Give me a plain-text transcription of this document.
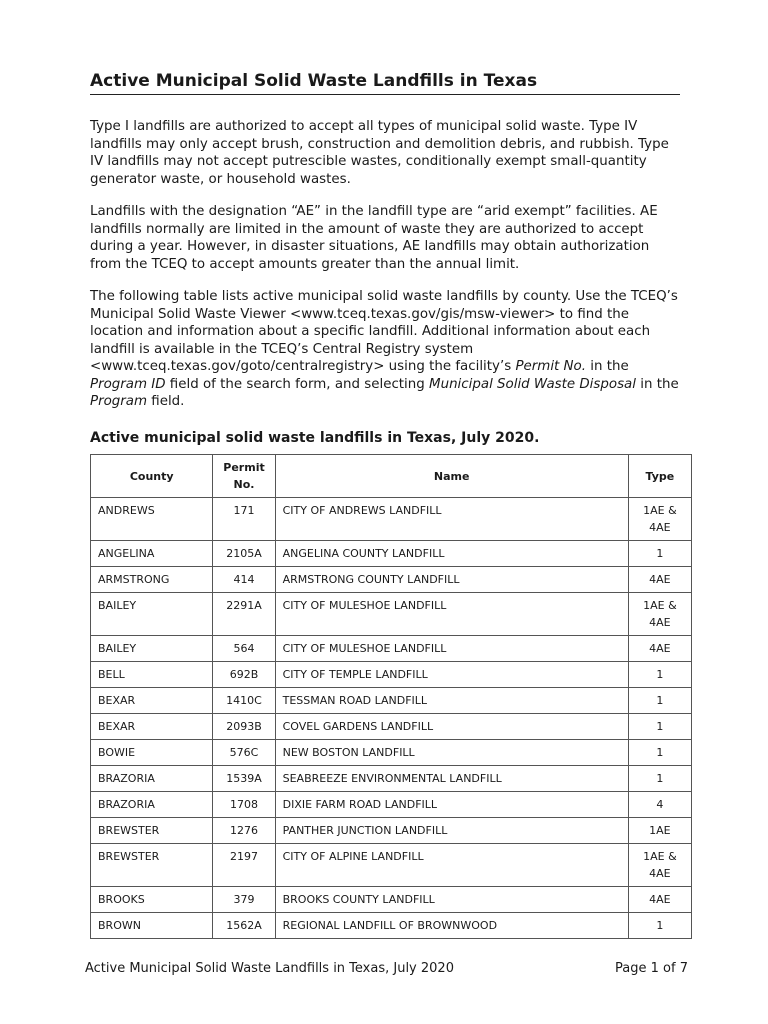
Active Municipal Solid Waste Landfills in Texas

Type I landfills are authorized to accept all types of municipal solid waste. Type IV landfills may only accept brush, construction and demolition debris, and rubbish. Type IV landfills may not accept putrescible wastes, conditionally exempt small-quantity generator waste, or household wastes.

Landfills with the designation “AE” in the landfill type are “arid exempt” facilities. AE landfills normally are limited in the amount of waste they are authorized to accept during a year. However, in disaster situations, AE landfills may obtain authorization from the TCEQ to accept amounts greater than the annual limit.

The following table lists active municipal solid waste landfills by county. Use the TCEQ’s Municipal Solid Waste Viewer <www.tceq.texas.gov/gis/msw-viewer> to find the location and information about a specific landfill. Additional information about each landfill is available in the TCEQ’s Central Registry system <www.tceq.texas.gov/goto/centralregistry> using the facility’s Permit No. in the Program ID field of the search form, and selecting Municipal Solid Waste Disposal in the Program field.

Active municipal solid waste landfills in Texas, July 2020.

County	Permit No.	Name	Type
ANDREWS	171	CITY OF ANDREWS LANDFILL	1AE & 4AE
ANGELINA	2105A	ANGELINA COUNTY LANDFILL	1
ARMSTRONG	414	ARMSTRONG COUNTY LANDFILL	4AE
BAILEY	2291A	CITY OF MULESHOE LANDFILL	1AE & 4AE
BAILEY	564	CITY OF MULESHOE LANDFILL	4AE
BELL	692B	CITY OF TEMPLE LANDFILL	1
BEXAR	1410C	TESSMAN ROAD LANDFILL	1
BEXAR	2093B	COVEL GARDENS LANDFILL	1
BOWIE	576C	NEW BOSTON LANDFILL	1
BRAZORIA	1539A	SEABREEZE ENVIRONMENTAL LANDFILL	1
BRAZORIA	1708	DIXIE FARM ROAD LANDFILL	4
BREWSTER	1276	PANTHER JUNCTION LANDFILL	1AE
BREWSTER	2197	CITY OF ALPINE LANDFILL	1AE & 4AE
BROOKS	379	BROOKS COUNTY LANDFILL	4AE
BROWN	1562A	REGIONAL LANDFILL OF BROWNWOOD	1
Active Municipal Solid Waste Landfills in Texas, July 2020	Page 1 of 7
